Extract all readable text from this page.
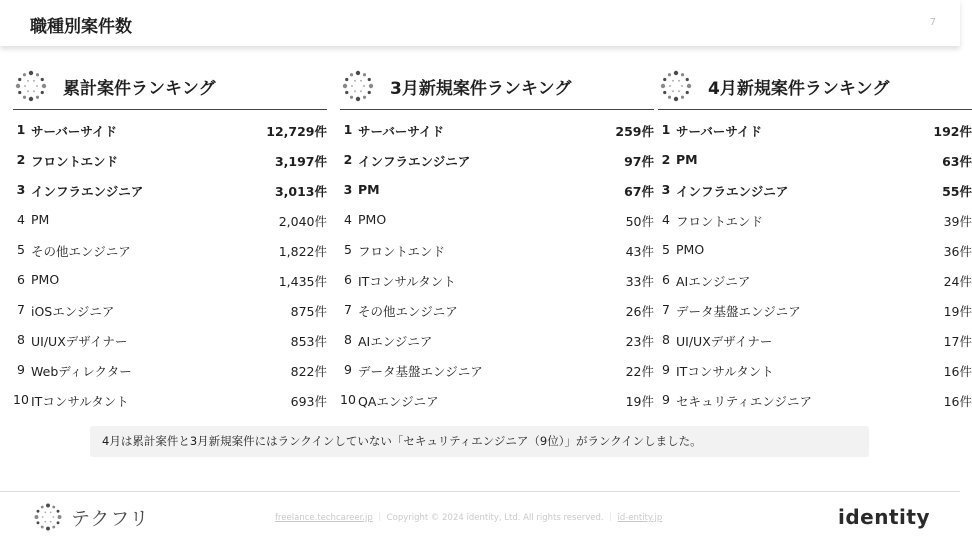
職種別案件数	7
累計案件ランキング
1 サーバーサイド	12,729件
2 フロントエンド	3,197件
3 インフラエンジニア	3,013件
4 PM	2,040件
5 その他エンジニア	1,822件
6 PMO	1,435件
7 iOSエンジニア	875件
8 UI/UXデザイナー	853件
9 Webディレクター	822件
10 ITコンサルタント	693件
3月新規案件ランキング
1 サーバーサイド	259件
2 インフラエンジニア	97件
3 PM	67件
4 PMO	50件
5 フロントエンド	43件
6 ITコンサルタント	33件
7 その他エンジニア	26件
8 AIエンジニア	23件
9 データ基盤エンジニア	22件
10 QAエンジニア	19件
4月新規案件ランキング
1 サーバーサイド	192件
2 PM	63件
3 インフラエンジニア	55件
4 フロントエンド	39件
5 PMO	36件
6 AIエンジニア	24件
7 データ基盤エンジニア	19件
8 UI/UXデザイナー	17件
9 ITコンサルタント	16件
9 セキュリティエンジニア	16件
4月は累計案件と3月新規案件にはランクインしていない「セキュリティエンジニア（9位）」がランクインしました。
テクフリ	freelance.techcareer.jp ｜ Copyright © 2024 identity, Ltd. All rights reserved. ｜ id-entity.jp	identity
